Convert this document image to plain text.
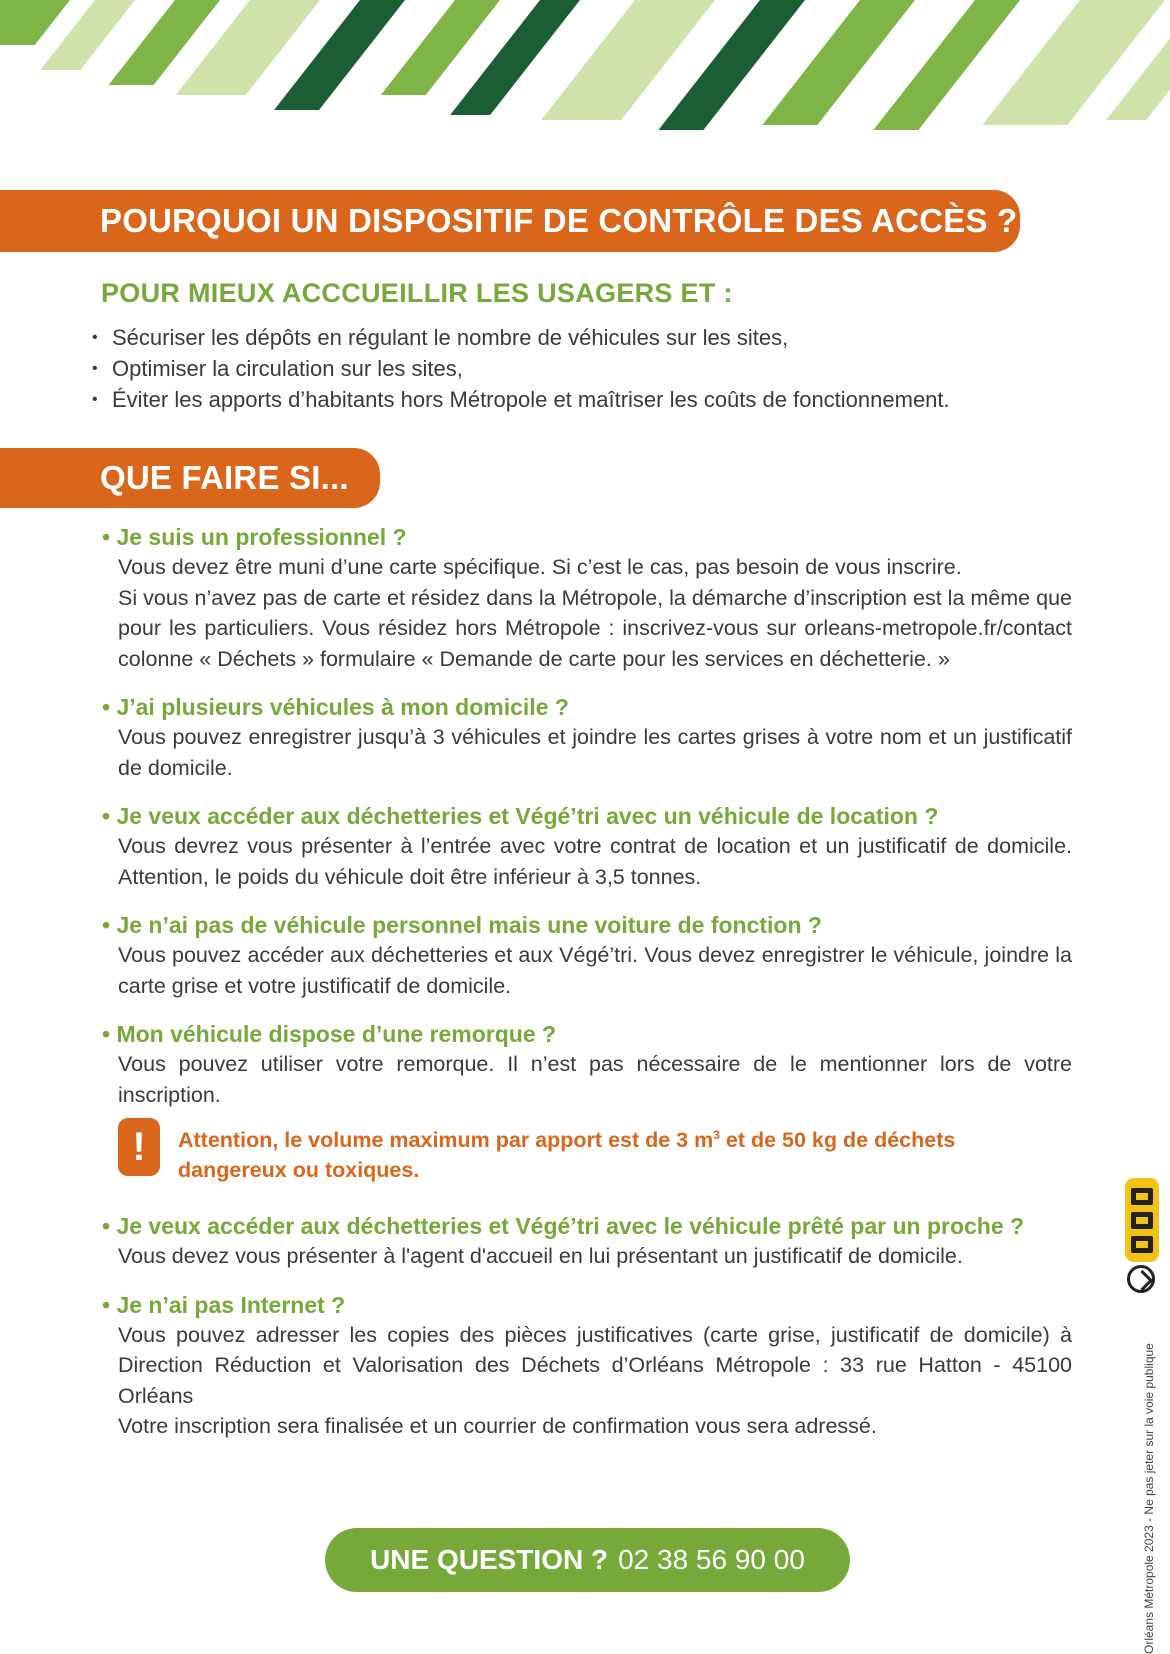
POURQUOI UN DISPOSITIF DE CONTRÔLE DES ACCÈS ?
POUR MIEUX ACCCUEILLIR LES USAGERS ET :
• Sécuriser les dépôts en régulant le nombre de véhicules sur les sites,
• Optimiser la circulation sur les sites,
• Éviter les apports d’habitants hors Métropole et maîtriser les coûts de fonctionnement.
QUE FAIRE SI...
• Je suis un professionnel ?
Vous devez être muni d’une carte spécifique. Si c’est le cas, pas besoin de vous inscrire.
Si vous n’avez pas de carte et résidez dans la Métropole, la démarche d’inscription est la même que pour les particuliers. Vous résidez hors Métropole : inscrivez-vous sur orleans-metropole.fr/contact colonne « Déchets » formulaire « Demande de carte pour les services en déchetterie. »
• J’ai plusieurs véhicules à mon domicile ?
Vous pouvez enregistrer jusqu’à 3 véhicules et joindre les cartes grises à votre nom et un justificatif de domicile.
• Je veux accéder aux déchetteries et Végé’tri avec un véhicule de location ?
Vous devrez vous présenter à l’entrée avec votre contrat de location et un justificatif de domicile. Attention, le poids du véhicule doit être inférieur à 3,5 tonnes.
• Je n’ai pas de véhicule personnel mais une voiture de fonction ?
Vous pouvez accéder aux déchetteries et aux Végé’tri. Vous devez enregistrer le véhicule, joindre la carte grise et votre justificatif de domicile.
• Mon véhicule dispose d’une remorque ?
Vous pouvez utiliser votre remorque. Il n’est pas nécessaire de le mentionner lors de votre inscription.
!	Attention, le volume maximum par apport est de 3 $m^3$ et de 50 kg de déchets dangereux ou toxiques.
• Je veux accéder aux déchetteries et Végé’tri avec le véhicule prêté par un proche ?
Vous devez vous présenter à l'agent d'accueil en lui présentant un justificatif de domicile.
• Je n’ai pas Internet ?
Vous pouvez adresser les copies des pièces justificatives (carte grise, justificatif de domicile) à Direction Réduction et Valorisation des Déchets d’Orléans Métropole : 33 rue Hatton - 45100 Orléans
Votre inscription sera finalisée et un courrier de confirmation vous sera adressé.
UNE QUESTION ? 02 38 56 90 00	Orléans Métropole 2023 - Ne pas jeter sur la voie publique
